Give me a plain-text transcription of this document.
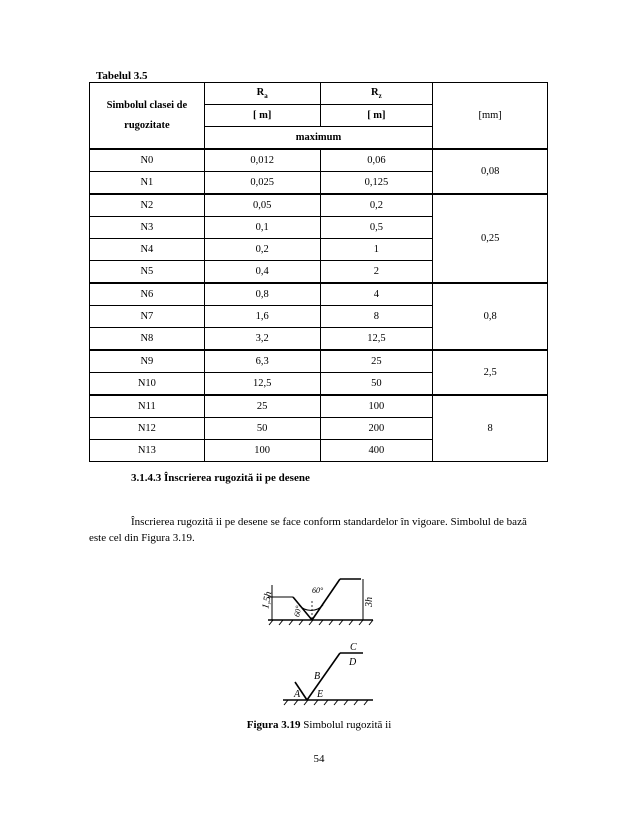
Tabelul 3.5
Simbolul clasei de
rugozitate	$R_a$	$R_z$	[mm]
	[ m]	[ m]	
	maximum		
N0	0,012	0,06	0,08
N1	0,025	0,125	
N2	0,05	0,2	0,25
N3	0,1	0,5	
N4	0,2	1	
N5	0,4	2	
N6	0,8	4	0,8
N7	1,6	8	
N8	3,2	12,5	
N9	6,3	25	2,5
N10	12,5	50	
N11	25	100	8
N12	50	200	
N13	100	400	
3.1.4.3 Înscrierea rugozită ii pe desene
Înscrierea rugozită ii pe desene se face conform standardelor în vigoare. Simbolul de bază este cel din Figura 3.19.
1,5h
60°
60°
3h
A
B
C
D
E
Figura 3.19 Simbolul rugozită ii
54
